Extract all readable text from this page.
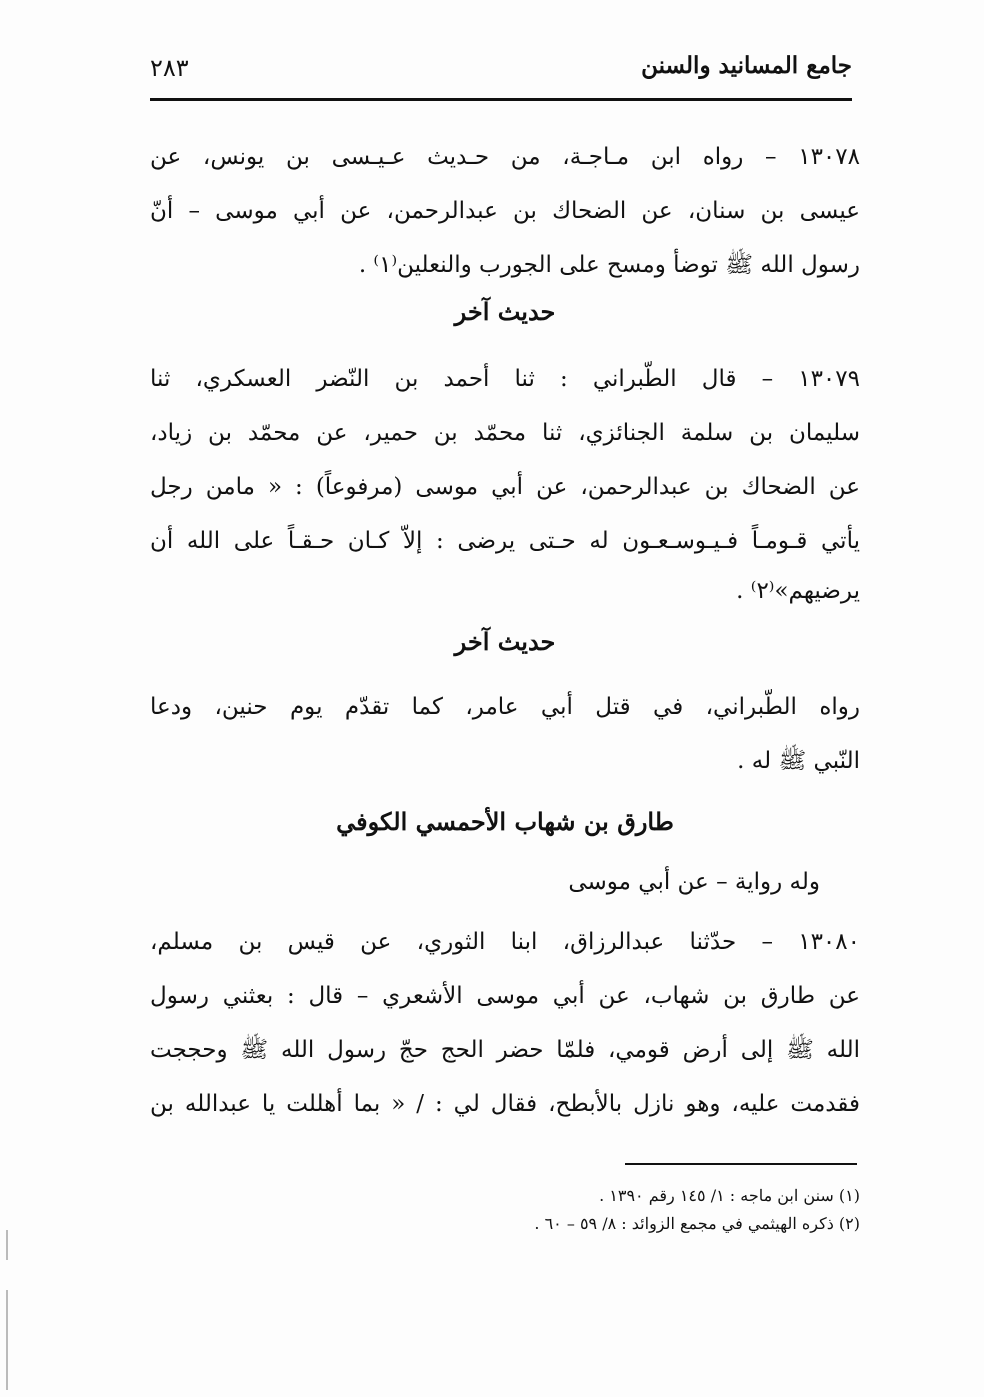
جامع المسانيد والسنن
٢٨٣
١٣٠٧٨ – رواه ابن مـاجـة، من حـديث عـيـسى بن يونس، عن
عيسى بن سنان، عن الضحاك بن عبدالرحمن، عن أبي موسى – أنّ
رسول الله ﷺ توضأ ومسح على الجورب والنعلين⁽١⁾ .
حديث آخر
١٣٠٧٩ – قال الطّبراني : ثنا أحمد بن النّضر العسكري، ثنا
سليمان بن سلمة الجنائزي، ثنا محمّد بن حمير، عن محمّد بن زياد،
عن الضحاك بن عبدالرحمن، عن أبي موسى (مرفوعاً) : « مامن رجل
يأتي قـومـاً فـيـوسـعـون له حـتى يرضى : إلاّ كـان حـقـاً على الله أن
يرضيهم»⁽٢⁾ .
حديث آخر
رواه الطّبراني، في قتل أبي عامر، كما تقدّم يوم حنين، ودعا
النّبي ﷺ له .
طارق بن شهاب الأحمسي الكوفي
وله رواية – عن أبي موسى
١٣٠٨٠ – حدّثنا عبدالرزاق، ابنا الثوري، عن قيس بن مسلم،
عن طارق بن شهاب، عن أبي موسى الأشعري – قال : بعثني رسول
الله ﷺ إلى أرض قومي، فلمّا حضر الحج حجّ رسول الله ﷺ وحججت
فقدمت عليه، وهو نازل بالأبطح، فقال لي : / « بما أهللت يا عبدالله بن
(١) سنن ابن ماجه : ١/ ١٤٥ رقم ١٣٩٠ .
(٢) ذكره الهيثمي في مجمع الزوائد : ٨/ ٥٩ – ٦٠ .
